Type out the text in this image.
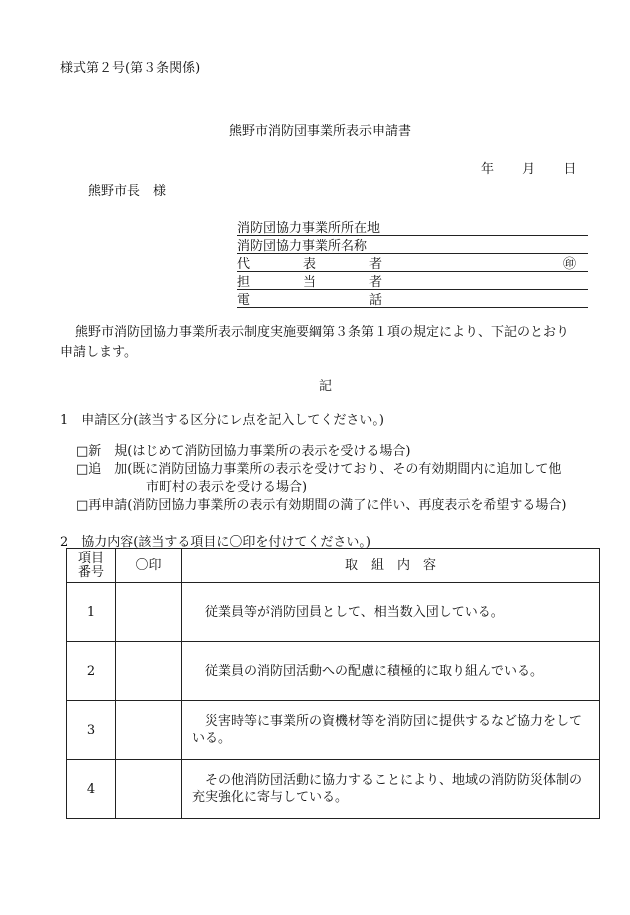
様式第２号(第３条関係)
熊野市消防団事業所表示申請書
年 月 日
熊野市長　様
消防団協力事業所所在地
消防団協力事業所名称
代	表	者	㊞
担	当	者
電	話
熊野市消防団協力事業所表示制度実施要綱第３条第１項の規定により、下記のとおり
申請します。
記
1　申請区分(該当する区分にレ点を記入してください。)
□新　規(はじめて消防団協力事業所の表示を受ける場合)
□追　加(既に消防団協力事業所の表示を受けており、その有効期間内に追加して他
市町村の表示を受ける場合)
□再申請(消防団協力事業所の表示有効期間の満了に伴い、再度表示を希望する場合)
2　協力内容(該当する項目に〇印を付けてください。)
項目
番号	〇印	取　組　内　容
1		　従業員等が消防団員として、相当数入団している。
2		　従業員の消防団活動への配慮に積極的に取り組んでいる。
3		　災害時等に事業所の資機材等を消防団に提供するなど協力をしている。
4		　その他消防団活動に協力することにより、地域の消防防災体制の充実強化に寄与している。
